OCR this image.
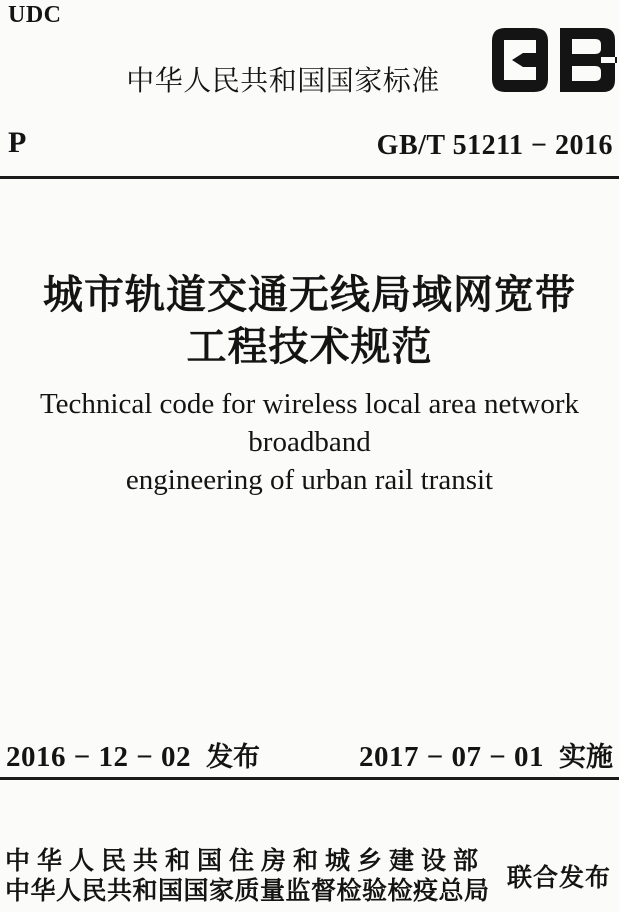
UDC
中华人民共和国国家标准
P	GB/T 51211 − 2016
城市轨道交通无线局域网宽带
工程技术规范
Technical code for wireless local area network broadband
engineering of urban rail transit
2016 − 12 − 02 发布	2017 − 07 − 01 实施
中华人民共和国住房和城乡建设部
中华人民共和国国家质量监督检验检疫总局 联合发布
